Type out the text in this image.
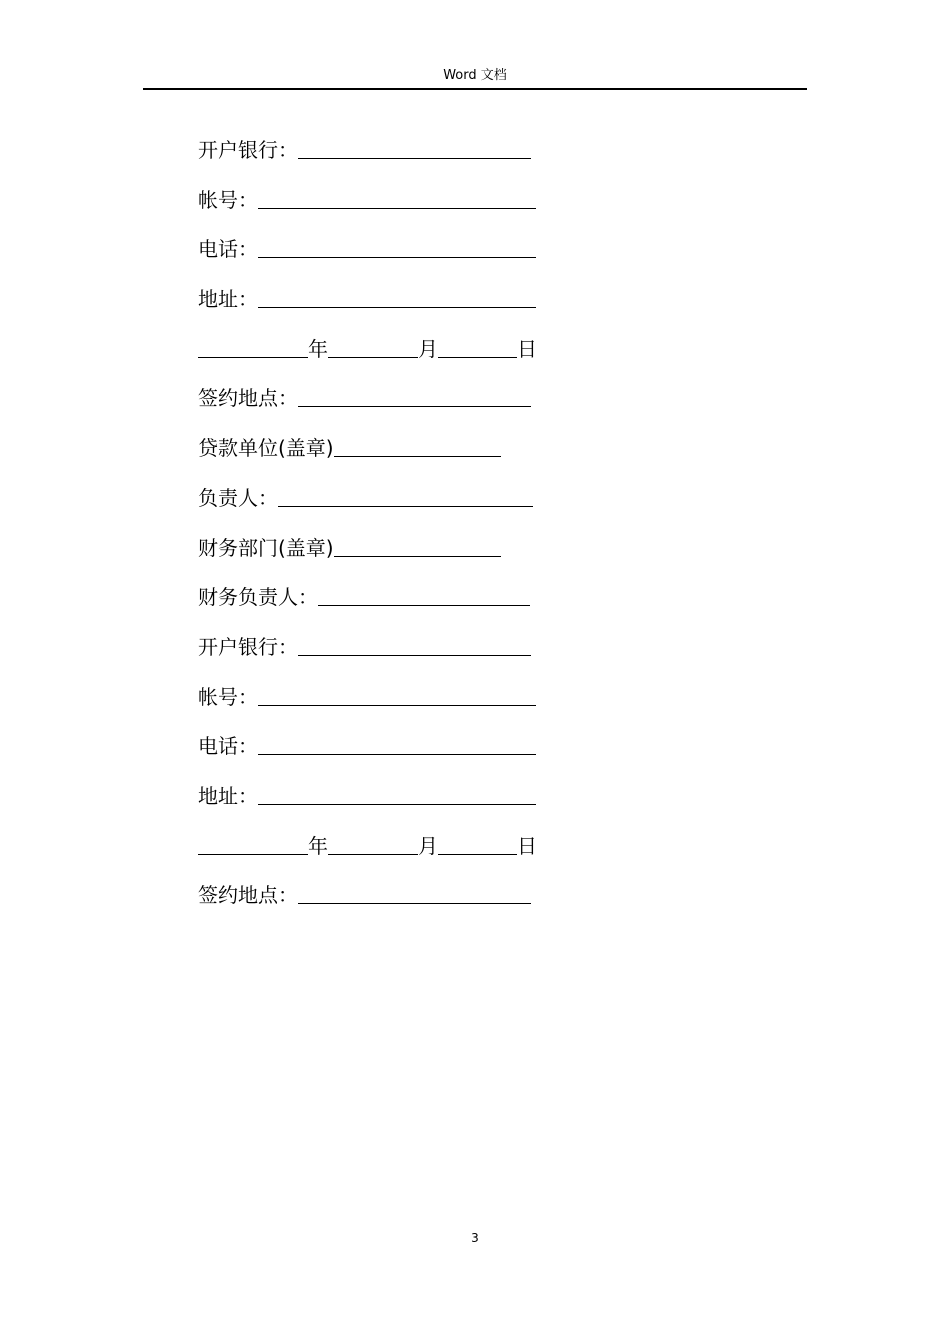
Word 文档
开户银行：
帐号：
电话：
地址：
年	月	日
签约地点：
贷款单位(盖章)
负责人：
财务部门(盖章)
财务负责人：
开户银行：
帐号：
电话：
地址：
年	月	日
签约地点：
3
